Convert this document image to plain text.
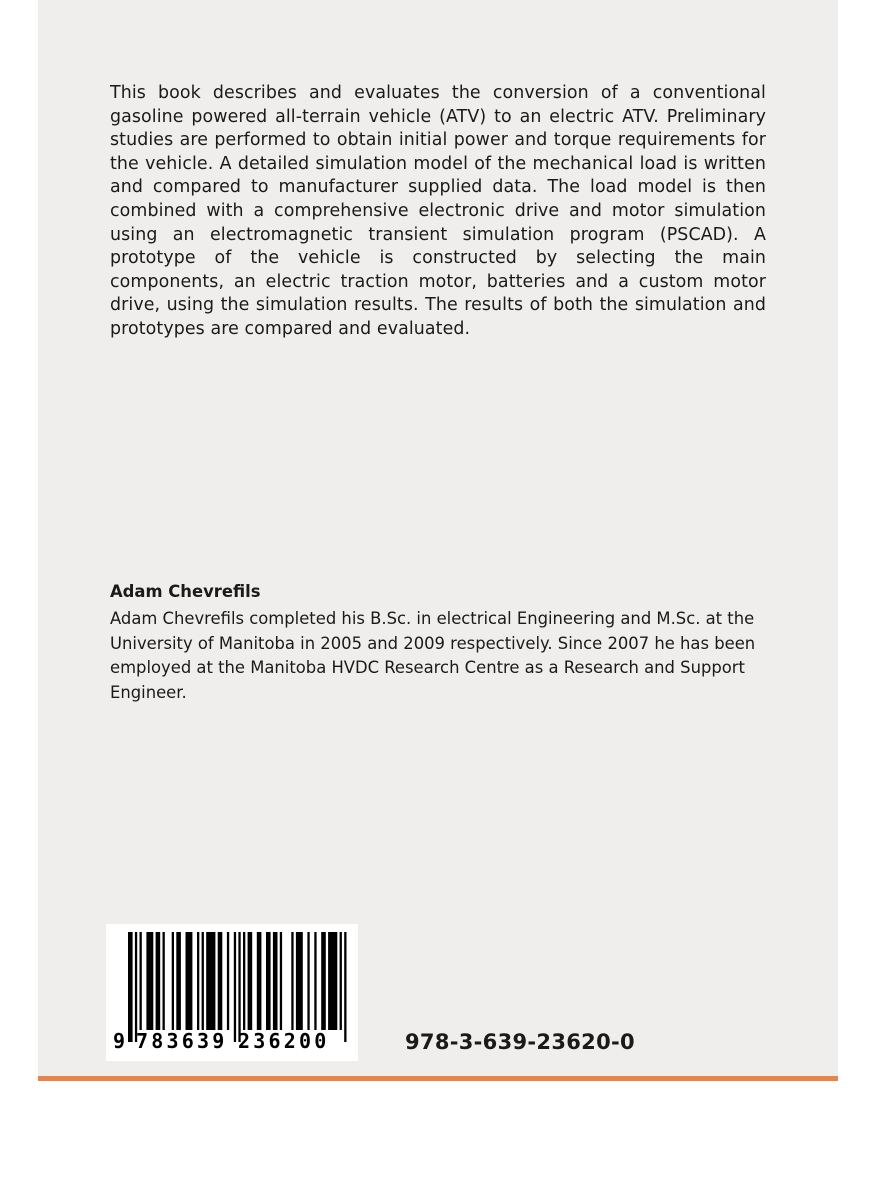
This book describes and evaluates the conversion of a conventional gasoline powered all-terrain vehicle (ATV) to an electric ATV. Preliminary studies are performed to obtain initial power and torque requirements for the vehicle. A detailed simulation model of the mechanical load is written and compared to manufacturer supplied data. The load model is then combined with a comprehensive electronic drive and motor simulation using an electromagnetic transient simulation program (PSCAD). A prototype of the vehicle is constructed by selecting the main components, an electric traction motor, batteries and a custom motor drive, using the simulation results. The results of both the simulation and prototypes are compared and evaluated.

Adam Chevrefils

Adam Chevrefils completed his B.Sc. in electrical Engineering and M.Sc. at the University of Manitoba in 2005 and 2009 respectively. Since 2007 he has been employed at the Manitoba HVDC Research Centre as a Research and Support Engineer.

9 783639 236200	978-3-639-23620-0
